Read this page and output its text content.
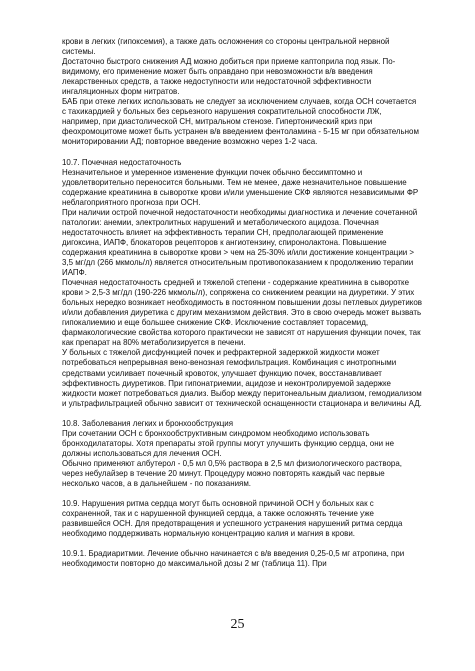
крови в легких (гипоксемия), а также дать осложнения со стороны центральной нервной системы.

Достаточно быстрого снижения АД можно добиться при приеме каптоприла под язык. По-видимому, его применение может быть оправдано при невозможности в/в введения лекарственных средств, а также недоступности или недостаточной эффективности ингаляционных форм нитратов.

БАБ при отеке легких использовать не следует за исключением случаев, когда ОСН сочетается с тахикардией у больных без серьезного нарушения сократительной способности ЛЖ, например, при диастолической СН, митральном стенозе. Гипертонический криз при феохромоцитоме может быть устранен в/в введением фентоламина - 5-15 мг при обязательном мониторировании АД; повторное введение возможно через 1-2 часа.

10.7. Почечная недостаточность

Незначительное и умеренное изменение функции почек обычно бессимптомно и удовлетворительно переносится больными. Тем не менее, даже незначительное повышение содержание креатинина в сыворотке крови и/или уменьшение СКФ являются независимыми ФР неблагоприятного прогноза при ОСН.

При наличии острой почечной недостаточности необходимы диагностика и лечение сочетанной патологии: анемии, электролитных нарушений и метаболического ацидоза. Почечная недостаточность влияет на эффективность терапии СН, предполагающей применение дигоксина, ИАПФ, блокаторов рецепторов к ангиотензину, спиронолактона. Повышение содержания креатинина в сыворотке крови > чем на 25-30% и/или достижение концентрации > 3,5 мг/дл (266 мкмоль/л) является относительным противопоказанием к продолжению терапии ИАПФ.

Почечная недостаточность средней и тяжелой степени - содержание креатинина в сыворотке крови > 2,5-3 мг/дл (190-226 мкмоль/л), сопряжена со снижением реакции на диуретики. У этих больных нередко возникает необходимость в постоянном повышении дозы петлевых диуретиков и/или добавления диуретика с другим механизмом действия. Это в свою очередь может вызвать гипокалиемию и еще большее снижение СКФ. Исключение составляет торасемид, фармакологические свойства которого практически не зависят от нарушения функции почек, так как препарат на 80% метаболизируется в печени.

У больных с тяжелой дисфункцией почек и рефрактерной задержкой жидкости может потребоваться непрерывная вено-венозная гемофильтрация. Комбинация с инотропными средствами усиливает почечный кровоток, улучшает функцию почек, восстанавливает эффективность диуретиков. При гипонатриемии, ацидозе и неконтролируемой задержке жидкости может потребоваться диализ. Выбор между перитонеальным диализом, гемодиализом и ультрафильтрацией обычно зависит от технической оснащенности стационара и величины АД.

10.8. Заболевания легких и бронхообструкция

При сочетании ОСН с бронхообструктивным синдромом необходимо использовать бронходилататоры. Хотя препараты этой группы могут улучшить функцию сердца, они не должны использоваться для лечения ОСН.

Обычно применяют албутерол - 0,5 мл 0,5% раствора в 2,5 мл физиологического раствора, через небулайзер в течение 20 минут. Процедуру можно повторять каждый час первые несколько часов, а в дальнейшем - по показаниям.

10.9. Нарушения ритма сердца могут быть основной причиной ОСН у больных как с сохраненной, так и с нарушенной функцией сердца, а также осложнять течение уже развившейся ОСН. Для предотвращения и успешного устранения нарушений ритма сердца необходимо поддерживать нормальную концентрацию калия и магния в крови.

10.9.1. Брадиаритмии. Лечение обычно начинается с в/в введения 0,25-0,5 мг атропина, при необходимости повторно до максимальной дозы 2 мг (таблица 11). При

25
